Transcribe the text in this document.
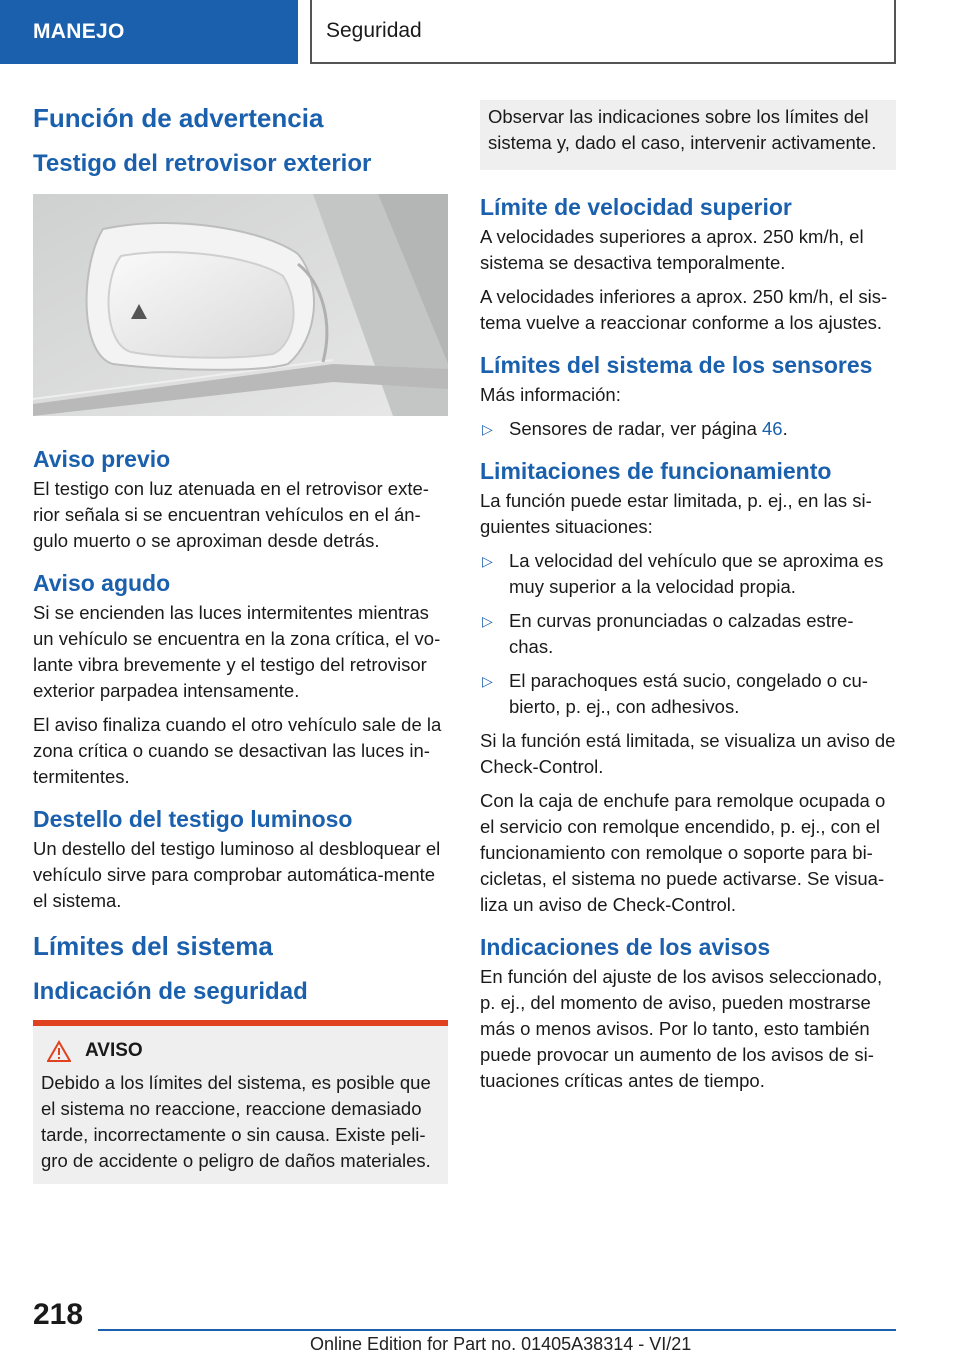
MANEJO	Seguridad
Función de advertencia
Testigo del retrovisor exterior
Aviso previo

El testigo con luz atenuada en el retrovisor exte-rior señala si se encuentran vehículos en el án-gulo muerto o se aproximan desde detrás.

Aviso agudo

Si se encienden las luces intermitentes mientras un vehículo se encuentra en la zona crítica, el vo-lante vibra brevemente y el testigo del retrovisor exterior parpadea intensamente.

El aviso finaliza cuando el otro vehículo sale de la zona crítica o cuando se desactivan las luces in-termitentes.

Destello del testigo luminoso

Un destello del testigo luminoso al desbloquear el vehículo sirve para comprobar automática-mente el sistema.

Límites del sistema
Indicación de seguridad
AVISO

Debido a los límites del sistema, es posible que el sistema no reaccione, reaccione demasiado tarde, incorrectamente o sin causa. Existe peli-gro de accidente o peligro de daños materiales.

Observar las indicaciones sobre los límites del sistema y, dado el caso, intervenir activamente.

Límite de velocidad superior

A velocidades superiores a aprox. 250 km/h, el sistema se desactiva temporalmente.

A velocidades inferiores a aprox. 250 km/h, el sis-tema vuelve a reaccionar conforme a los ajustes.

Límites del sistema de los sensores

Más información:

▷ Sensores de radar, ver página 46.
Limitaciones de funcionamiento

La función puede estar limitada, p. ej., en las si-guientes situaciones:

▷ La velocidad del vehículo que se aproxima es muy superior a la velocidad propia.
▷ En curvas pronunciadas o calzadas estre-chas.
▷ El parachoques está sucio, congelado o cu-bierto, p. ej., con adhesivos.

Si la función está limitada, se visualiza un aviso de Check-Control.

Con la caja de enchufe para remolque ocupada o el servicio con remolque encendido, p. ej., con el funcionamiento con remolque o soporte para bi-cicletas, el sistema no puede activarse. Se visua-liza un aviso de Check-Control.

Indicaciones de los avisos

En función del ajuste de los avisos seleccionado, p. ej., del momento de aviso, pueden mostrarse más o menos avisos. Por lo tanto, esto también puede provocar un aumento de los avisos de si-tuaciones críticas antes de tiempo.

218
Online Edition for Part no. 01405A38314 - VI/21
